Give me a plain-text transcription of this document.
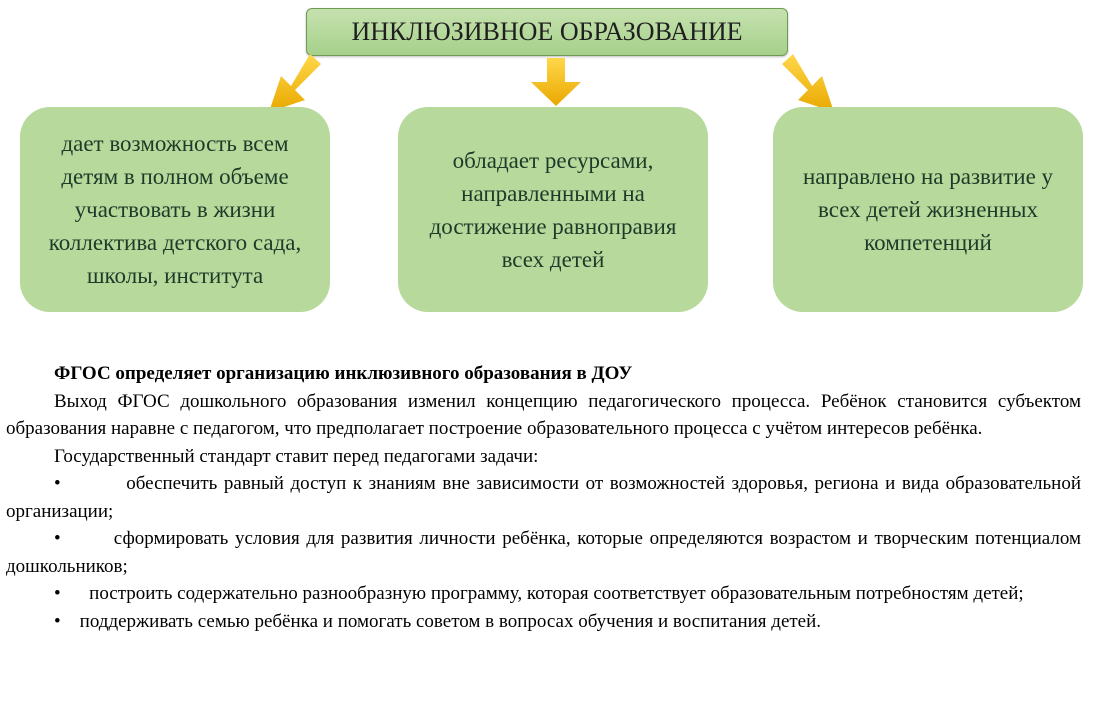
ИНКЛЮЗИВНОЕ ОБРАЗОВАНИЕ
дает возможность всем детям в полном объеме участвовать в жизни коллектива детского сада, школы, института
обладает ресурсами, направленными на достижение равноправия всех детей
направлено на развитие у всех детей жизненных компетенций

ФГОС определяет организацию инклюзивного образования в ДОУ

Выход ФГОС дошкольного образования изменил концепцию педагогического процесса. Ребёнок становится субъектом образования наравне с педагогом, что предполагает построение образовательного процесса с учётом интересов ребёнка.

Государственный стандарт ставит перед педагогами задачи:

•	обеспечить равный доступ к знаниям вне зависимости от возможностей здоровья, региона и вида образовательной организации;

•	сформировать условия для развития личности ребёнка, которые определяются возрастом и творческим потенциалом дошкольников;

• построить содержательно разнообразную программу, которая соответствует образовательным потребностям детей;

• поддерживать семью ребёнка и помогать советом в вопросах обучения и воспитания детей.
